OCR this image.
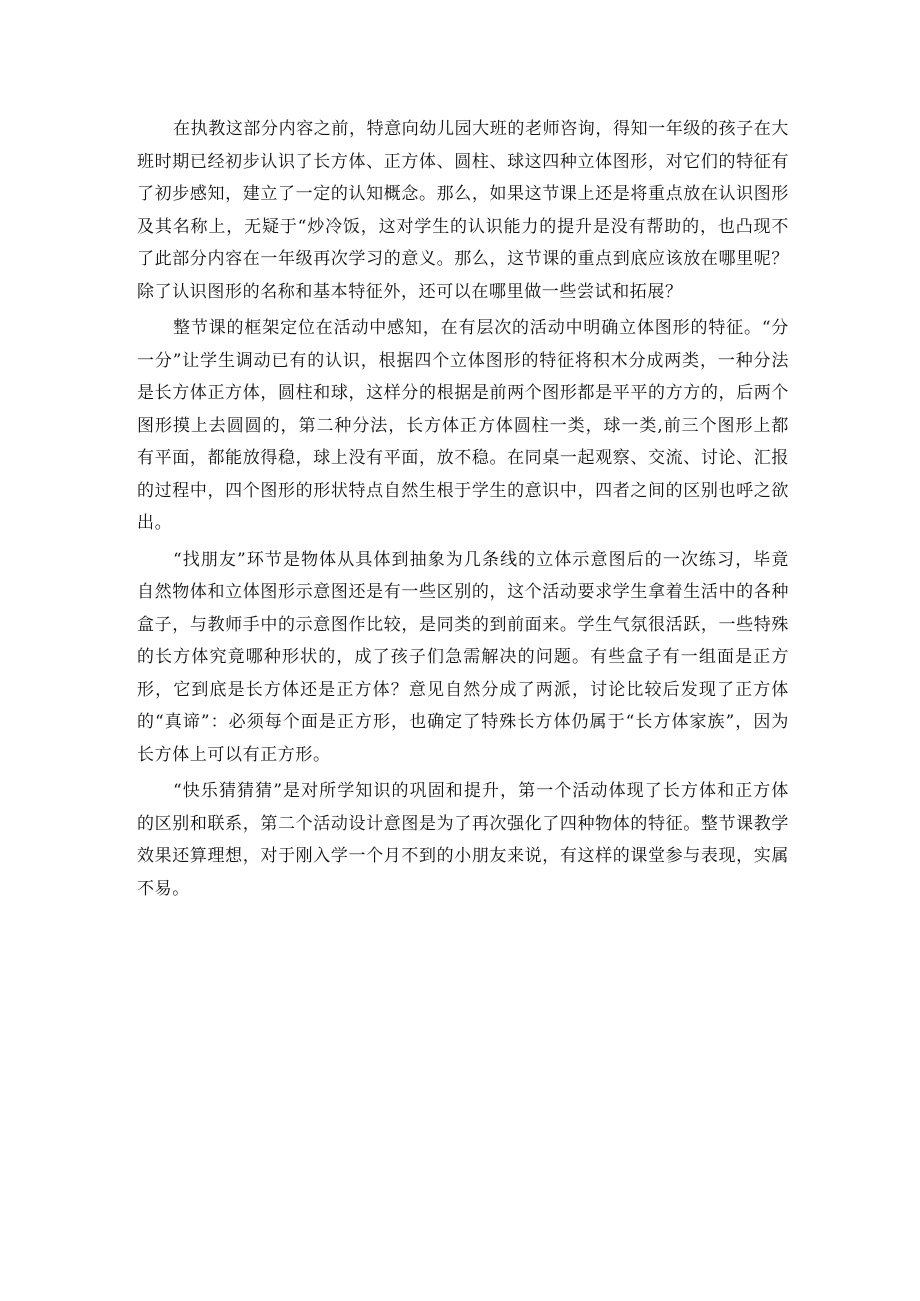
在执教这部分内容之前，特意向幼儿园大班的老师咨询，得知一年级的孩子在大班时期已经初步认识了长方体、正方体、圆柱、球这四种立体图形，对它们的特征有了初步感知，建立了一定的认知概念。那么，如果这节课上还是将重点放在认识图形及其名称上，无疑于“炒冷饭，这对学生的认识能力的提升是没有帮助的，也凸现不了此部分内容在一年级再次学习的意义。那么，这节课的重点到底应该放在哪里呢？除了认识图形的名称和基本特征外，还可以在哪里做一些尝试和拓展？

整节课的框架定位在活动中感知，在有层次的活动中明确立体图形的特征。“分一分”让学生调动已有的认识，根据四个立体图形的特征将积木分成两类，一种分法是长方体正方体，圆柱和球，这样分的根据是前两个图形都是平平的方方的，后两个图形摸上去圆圆的，第二种分法，长方体正方体圆柱一类，球一类,前三个图形上都有平面，都能放得稳，球上没有平面，放不稳。在同桌一起观察、交流、讨论、汇报的过程中，四个图形的形状特点自然生根于学生的意识中，四者之间的区别也呼之欲出。

“找朋友”环节是物体从具体到抽象为几条线的立体示意图后的一次练习，毕竟自然物体和立体图形示意图还是有一些区别的，这个活动要求学生拿着生活中的各种盒子，与教师手中的示意图作比较，是同类的到前面来。学生气氛很活跃，一些特殊的长方体究竟哪种形状的，成了孩子们急需解决的问题。有些盒子有一组面是正方形，它到底是长方体还是正方体？意见自然分成了两派，讨论比较后发现了正方体的“真谛”：必须每个面是正方形，也确定了特殊长方体仍属于“长方体家族”，因为长方体上可以有正方形。

“快乐猜猜猜”是对所学知识的巩固和提升，第一个活动体现了长方体和正方体的区别和联系，第二个活动设计意图是为了再次强化了四种物体的特征。整节课教学效果还算理想，对于刚入学一个月不到的小朋友来说，有这样的课堂参与表现，实属不易。
